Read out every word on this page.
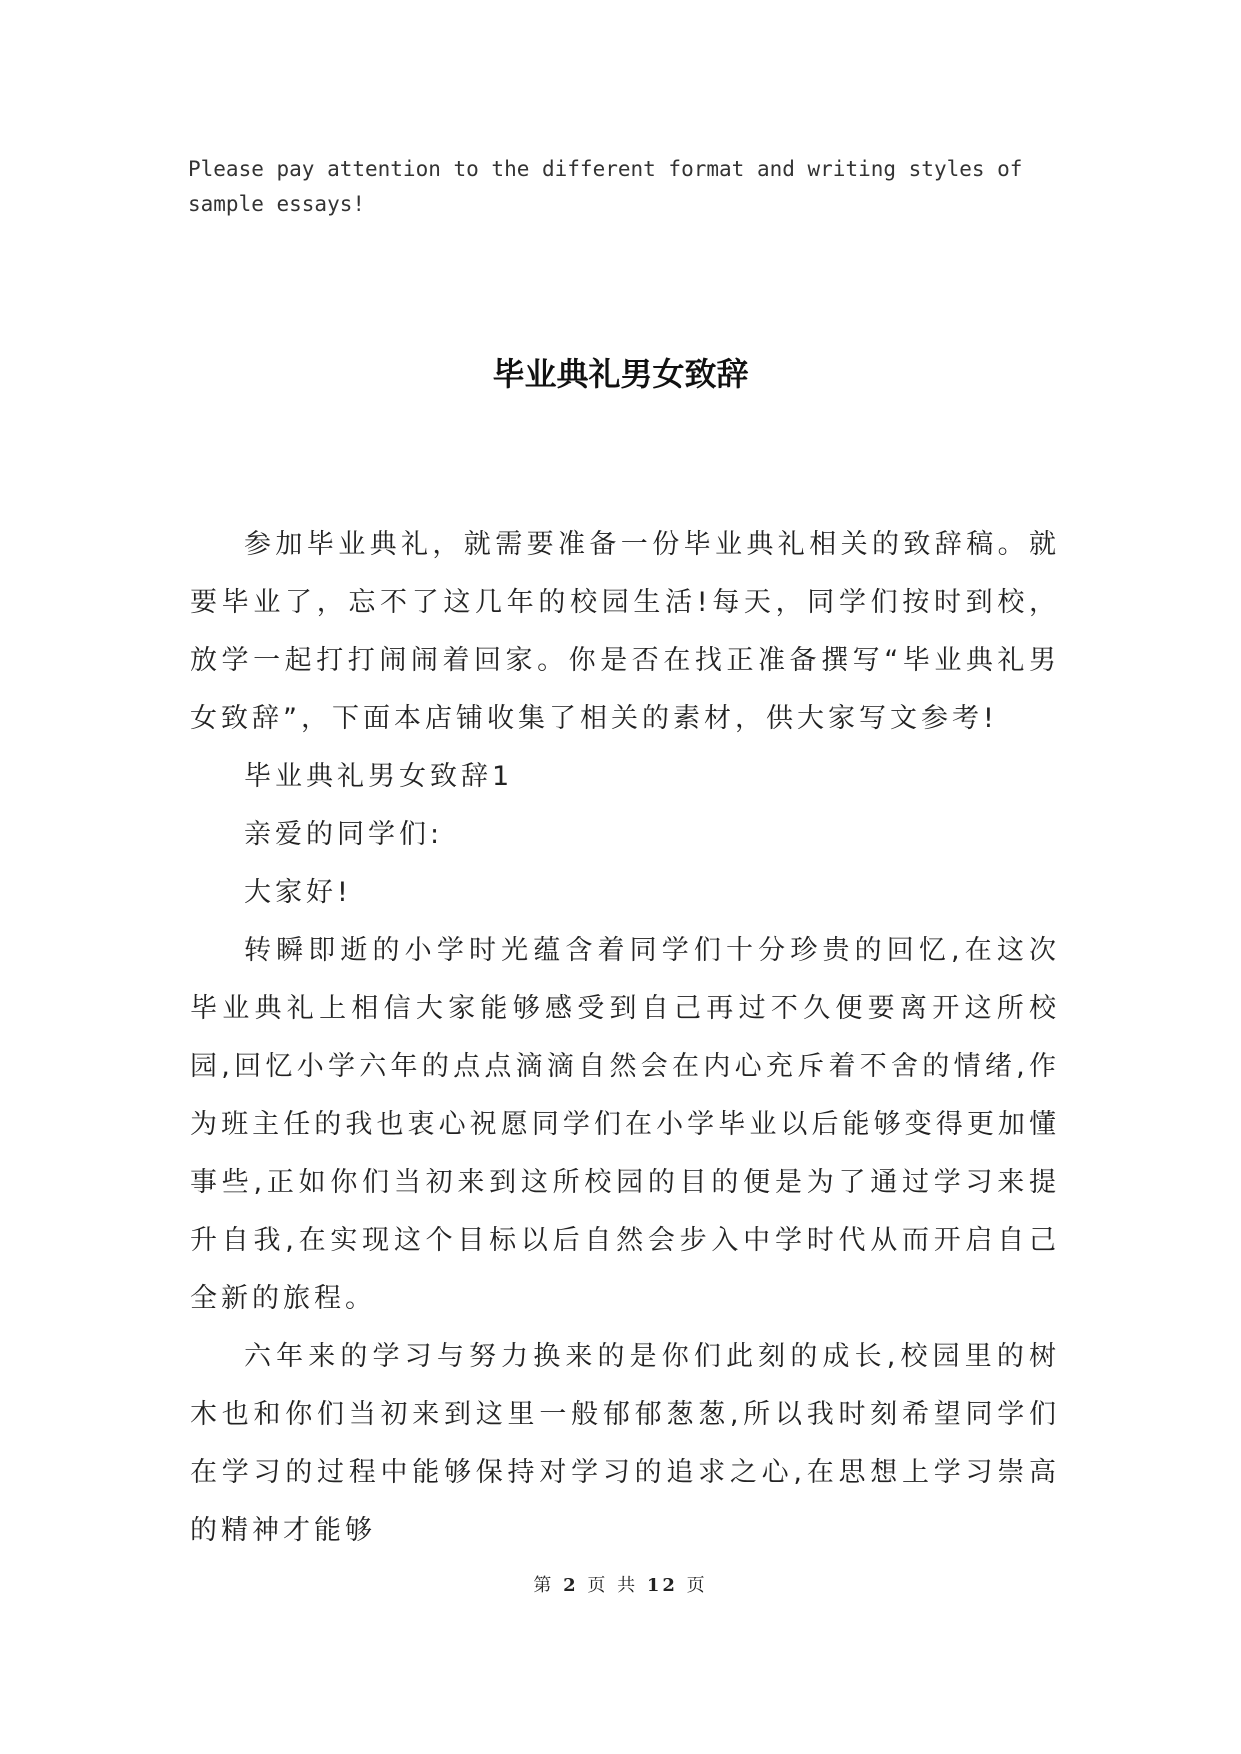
Please pay attention to the different format and writing styles of sample essays!
毕业典礼男女致辞

参加毕业典礼，就需要准备一份毕业典礼相关的致辞稿。就要毕业了，忘不了这几年的校园生活!每天，同学们按时到校，放学一起打打闹闹着回家。你是否在找正准备撰写“毕业典礼男女致辞”，下面本店铺收集了相关的素材，供大家写文参考!

毕业典礼男女致辞1

亲爱的同学们:

大家好!

转瞬即逝的小学时光蕴含着同学们十分珍贵的回忆,在这次毕业典礼上相信大家能够感受到自己再过不久便要离开这所校园,回忆小学六年的点点滴滴自然会在内心充斥着不舍的情绪,作为班主任的我也衷心祝愿同学们在小学毕业以后能够变得更加懂事些,正如你们当初来到这所校园的目的便是为了通过学习来提升自我,在实现这个目标以后自然会步入中学时代从而开启自己全新的旅程。

六年来的学习与努力换来的是你们此刻的成长,校园里的树木也和你们当初来到这里一般郁郁葱葱,所以我时刻希望同学们在学习的过程中能够保持对学习的追求之心,在思想上学习崇高的精神才能够

第 2 页 共 12 页
